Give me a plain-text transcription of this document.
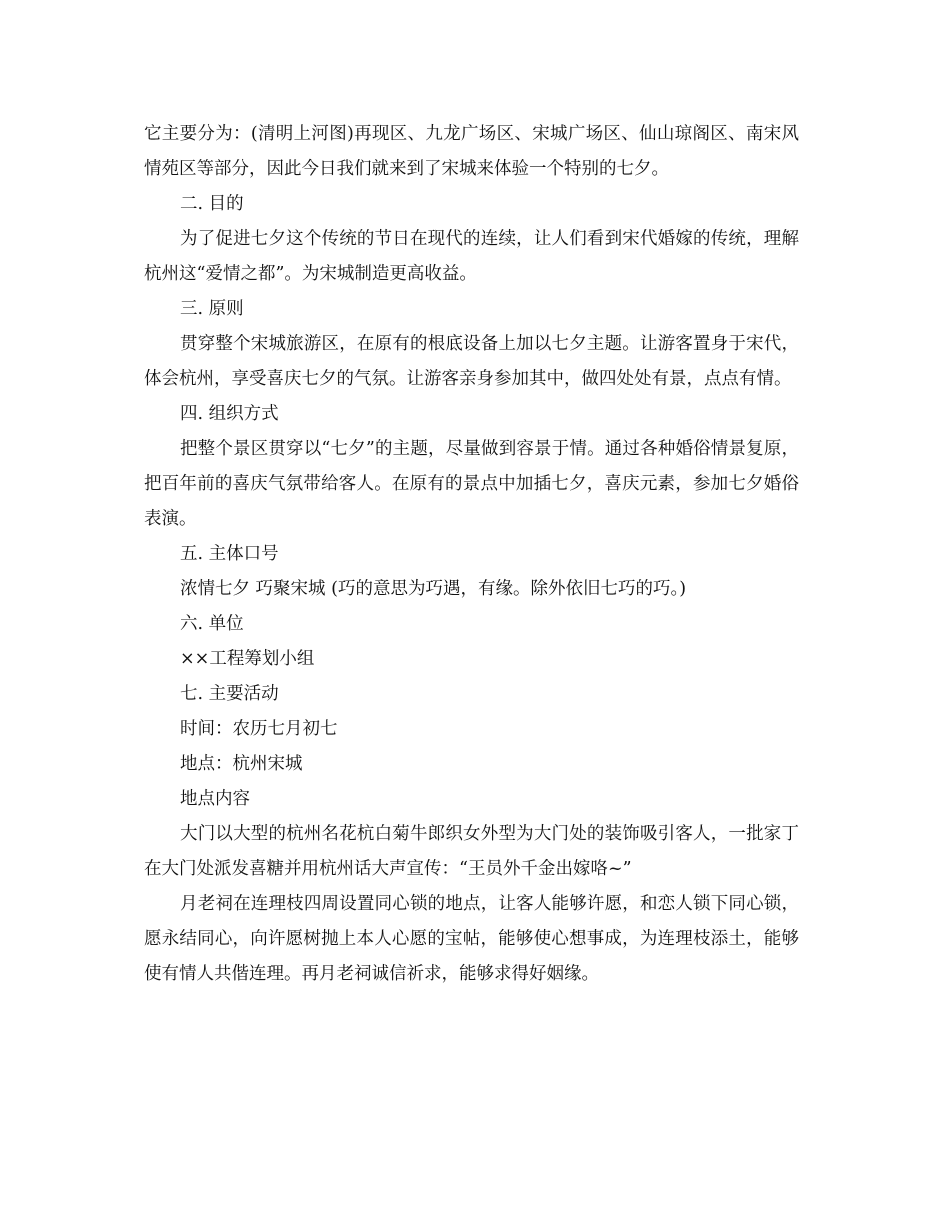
它主要分为：(清明上河图)再现区、九龙广场区、宋城广场区、仙山琼阁区、南宋风情苑区等部分，因此今日我们就来到了宋城来体验一个特别的七夕。

二. 目的

为了促进七夕这个传统的节日在现代的连续，让人们看到宋代婚嫁的传统，理解杭州这“爱情之都”。为宋城制造更高收益。

三. 原则

贯穿整个宋城旅游区，在原有的根底设备上加以七夕主题。让游客置身于宋代，体会杭州，享受喜庆七夕的气氛。让游客亲身参加其中，做四处处有景，点点有情。

四. 组织方式

把整个景区贯穿以“七夕”的主题，尽量做到容景于情。通过各种婚俗情景复原，把百年前的喜庆气氛带给客人。在原有的景点中加插七夕，喜庆元素，参加七夕婚俗表演。

五. 主体口号

浓情七夕 巧聚宋城 (巧的意思为巧遇，有缘。除外依旧七巧的巧。)

六. 单位

××工程筹划小组

七. 主要活动

时间：农历七月初七

地点：杭州宋城

地点内容

大门以大型的杭州名花杭白菊牛郎织女外型为大门处的装饰吸引客人，一批家丁在大门处派发喜糖并用杭州话大声宣传：“王员外千金出嫁咯~”

月老祠在连理枝四周设置同心锁的地点，让客人能够许愿，和恋人锁下同心锁，愿永结同心，向许愿树抛上本人心愿的宝帖，能够使心想事成，为连理枝添土，能够使有情人共偕连理。再月老祠诚信祈求，能够求得好姻缘。
